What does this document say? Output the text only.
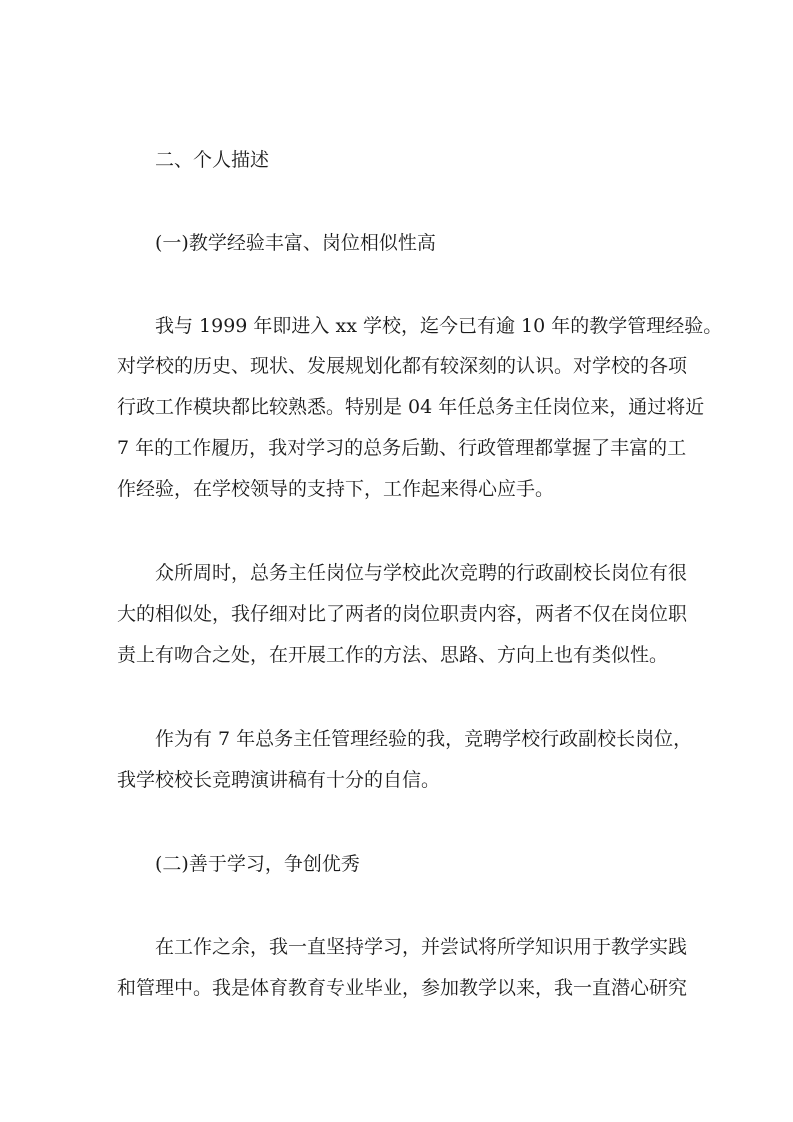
二、个人描述
(一)教学经验丰富、岗位相似性高
我与 1999 年即进入 xx 学校，迄今已有逾 10 年的教学管理经验。
对学校的历史、现状、发展规划化都有较深刻的认识。对学校的各项
行政工作模块都比较熟悉。特别是 04 年任总务主任岗位来，通过将近
7 年的工作履历，我对学习的总务后勤、行政管理都掌握了丰富的工
作经验，在学校领导的支持下，工作起来得心应手。
众所周时，总务主任岗位与学校此次竞聘的行政副校长岗位有很
大的相似处，我仔细对比了两者的岗位职责内容，两者不仅在岗位职
责上有吻合之处，在开展工作的方法、思路、方向上也有类似性。
作为有 7 年总务主任管理经验的我，竞聘学校行政副校长岗位，
我学校校长竞聘演讲稿有十分的自信。
(二)善于学习，争创优秀
在工作之余，我一直坚持学习，并尝试将所学知识用于教学实践
和管理中。我是体育教育专业毕业，参加教学以来，我一直潜心研究
